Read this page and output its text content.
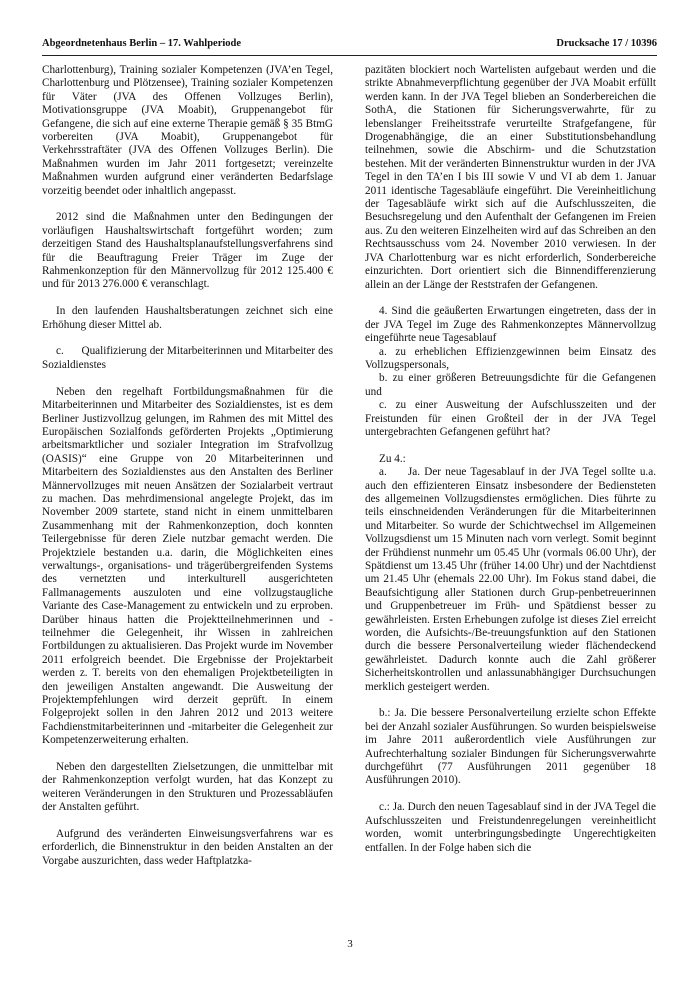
Abgeordnetenhaus Berlin – 17. Wahlperiode	Drucksache 17 / 10396

Charlottenburg), Training sozialer Kompetenzen (JVA’en Tegel, Charlottenburg und Plötzensee), Training sozialer Kompetenzen für Väter (JVA des Offenen Vollzuges Berlin), Motivationsgruppe (JVA Moabit), Gruppenangebot für Gefangene, die sich auf eine externe Therapie gemäß § 35 BtmG vorbereiten (JVA Moabit), Gruppenangebot für Verkehrsstraftäter (JVA des Offenen Vollzuges Berlin). Die Maßnahmen wurden im Jahr 2011 fortgesetzt; vereinzelte Maßnahmen wurden aufgrund einer veränderten Bedarfslage vorzeitig beendet oder inhaltlich angepasst.

2012 sind die Maßnahmen unter den Bedingungen der vorläufigen Haushaltswirtschaft fortgeführt worden; zum derzeitigen Stand des Haushaltsplanaufstellungsverfahrens sind für die Beauftragung Freier Träger im Zuge der Rahmenkonzeption für den Männervollzug für 2012 125.400 € und für 2013 276.000 € veranschlagt.

In den laufenden Haushaltsberatungen zeichnet sich eine Erhöhung dieser Mittel ab.

c.      Qualifizierung der Mitarbeiterinnen und Mitarbeiter des Sozialdienstes

Neben den regelhaft Fortbildungsmaßnahmen für die Mitarbeiterinnen und Mitarbeiter des Sozialdienstes, ist es dem Berliner Justizvollzug gelungen, im Rahmen des mit Mittel des Europäischen Sozialfonds geförderten Projekts „Optimierung arbeitsmarktlicher und sozialer Integration im Strafvollzug (OASIS)“ eine Gruppe von 20 Mitarbeiterinnen und Mitarbeitern des Sozialdienstes aus den Anstalten des Berliner Männervollzuges mit neuen Ansätzen der Sozialarbeit vertraut zu machen. Das mehrdimensional angelegte Projekt, das im November 2009 startete, stand nicht in einem unmittelbaren Zusammenhang mit der Rahmenkonzeption, doch konnten Teilergebnisse für deren Ziele nutzbar gemacht werden. Die Projektziele bestanden u.a. darin, die Möglichkeiten eines verwaltungs-, organisations- und trägerübergreifenden Systems des vernetzten und interkulturell ausgerichteten Fallmanagements auszuloten und eine vollzugstaugliche Variante des Case-Management zu entwickeln und zu erproben. Darüber hinaus hatten die Projektteilnehmerinnen und -teilnehmer die Gelegenheit, ihr Wissen in zahlreichen Fortbildungen zu aktualisieren. Das Projekt wurde im November 2011 erfolgreich beendet. Die Ergebnisse der Projektarbeit werden z. T. bereits von den ehemaligen Projektbeteiligten in den jeweiligen Anstalten angewandt. Die Ausweitung der Projektempfehlungen wird derzeit geprüft. In einem Folgeprojekt sollen in den Jahren 2012 und 2013 weitere Fachdienstmitarbeiterinnen und -mitarbeiter die Gelegenheit zur Kompetenzerweiterung erhalten.

Neben den dargestellten Zielsetzungen, die unmittelbar mit der Rahmenkonzeption verfolgt wurden, hat das Konzept zu weiteren Veränderungen in den Strukturen und Prozessabläufen der Anstalten geführt.

Aufgrund des veränderten Einweisungsverfahrens war es erforderlich, die Binnenstruktur in den beiden Anstalten an der Vorgabe auszurichten, dass weder Haftplatzka-

pazitäten blockiert noch Wartelisten aufgebaut werden und die strikte Abnahmeverpflichtung gegenüber der JVA Moabit erfüllt werden kann. In der JVA Tegel blieben an Sonderbereichen die SothA, die Stationen für Sicherungsverwahrte, für zu lebenslanger Freiheitsstrafe verurteilte Strafgefangene, für Drogenabhängige, die an einer Substitutionsbehandlung teilnehmen, sowie die Abschirm- und die Schutzstation bestehen. Mit der veränderten Binnenstruktur wurden in der JVA Tegel in den TA’en I bis III sowie V und VI ab dem 1. Januar 2011 identische Tagesabläufe eingeführt. Die Vereinheitlichung der Tagesabläufe wirkt sich auf die Aufschlusszeiten, die Besuchsregelung und den Aufenthalt der Gefangenen im Freien aus. Zu den weiteren Einzelheiten wird auf das Schreiben an den Rechtsausschuss vom 24. November 2010 verwiesen. In der JVA Charlottenburg war es nicht erforderlich, Sonderbereiche einzurichten. Dort orientiert sich die Binnendifferenzierung allein an der Länge der Reststrafen der Gefangenen.

4. Sind die geäußerten Erwartungen eingetreten, dass der in der JVA Tegel im Zuge des Rahmenkonzeptes Männervollzug eingeführte neue Tagesablauf

a. zu erheblichen Effizienzgewinnen beim Einsatz des Vollzugspersonals,

b. zu einer größeren Betreuungsdichte für die Gefangenen und

c. zu einer Ausweitung der Aufschlusszeiten und der Freistunden für einen Großteil der in der JVA Tegel untergebrachten Gefangenen geführt hat?

Zu 4.:

a.     Ja. Der neue Tagesablauf in der JVA Tegel sollte u.a. auch den effizienteren Einsatz insbesondere der Bediensteten des allgemeinen Vollzugsdienstes ermöglichen. Dies führte zu teils einschneidenden Veränderungen für die Mitarbeiterinnen und Mitarbeiter. So wurde der Schichtwechsel im Allgemeinen Vollzugsdienst um 15 Minuten nach vorn verlegt. Somit beginnt der Frühdienst nunmehr um 05.45 Uhr (vormals 06.00 Uhr), der Spätdienst um 13.45 Uhr (früher 14.00 Uhr) und der Nachtdienst um 21.45 Uhr (ehemals 22.00 Uhr). Im Fokus stand dabei, die Beaufsichtigung aller Stationen durch Grup-penbetreuerinnen und Gruppenbetreuer im Früh- und Spätdienst besser zu gewährleisten. Ersten Erhebungen zufolge ist dieses Ziel erreicht worden, die Aufsichts-/Be-treuungsfunktion auf den Stationen durch die bessere Personalverteilung wieder flächendeckend gewährleistet. Dadurch konnte auch die Zahl größerer Sicherheitskontrollen und anlassunabhängiger Durchsuchungen merklich gesteigert werden.

b.: Ja. Die bessere Personalverteilung erzielte schon Effekte bei der Anzahl sozialer Ausführungen. So wurden beispielsweise im Jahre 2011 außerordentlich viele Ausführungen zur Aufrechterhaltung sozialer Bindungen für Sicherungsverwahrte durchgeführt (77 Ausführungen 2011 gegenüber 18 Ausführungen 2010).

c.: Ja. Durch den neuen Tagesablauf sind in der JVA Tegel die Aufschlusszeiten und Freistundenregelungen vereinheitlicht worden, womit unterbringungsbedingte Ungerechtigkeiten entfallen. In der Folge haben sich die

3
